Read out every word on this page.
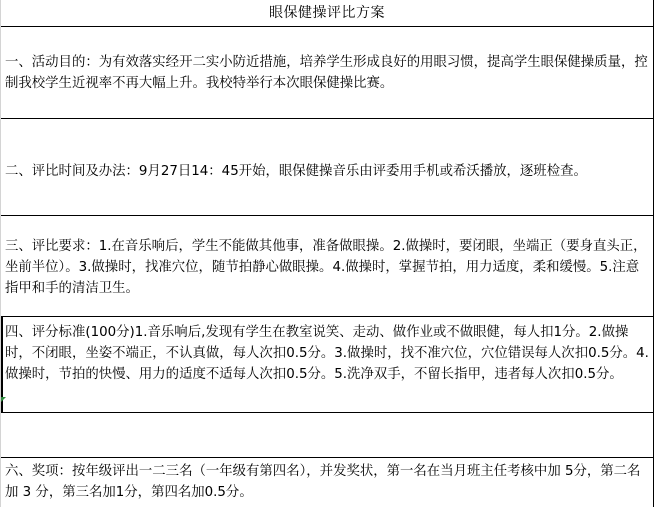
眼保健操评比方案
一、活动目的：为有效落实经开二实小防近措施，培养学生形成良好的用眼习惯，提高学生眼保健操质量，控制我校学生近视率不再大幅上升。我校特举行本次眼保健操比赛。
二、评比时间及办法：9月27日14：45开始，眼保健操音乐由评委用手机或希沃播放，逐班检查。
三、评比要求：1.在音乐响后，学生不能做其他事，准备做眼操。2.做操时，要闭眼，坐端正（要身直头正，坐前半位）。3.做操时，找准穴位，随节拍静心做眼操。4.做操时，掌握节拍，用力适度，柔和缓慢。5.注意指甲和手的清洁卫生。
四、评分标准(100分)1.音乐响后,发现有学生在教室说笑、走动、做作业或不做眼健，每人扣1分。2.做操时，不闭眼，坐姿不端正，不认真做，每人次扣0.5分。3.做操时，找不准穴位，穴位错误每人次扣0.5分。4.做操时，节拍的快慢、用力的适度不适每人次扣0.5分。5.洗净双手，不留长指甲，违者每人次扣0.5分。

六、奖项：按年级评出一二三名（一年级有第四名），并发奖状，第一名在当月班主任考核中加 5分，第二名加 3 分，第三名加1分，第四名加0.5分。
